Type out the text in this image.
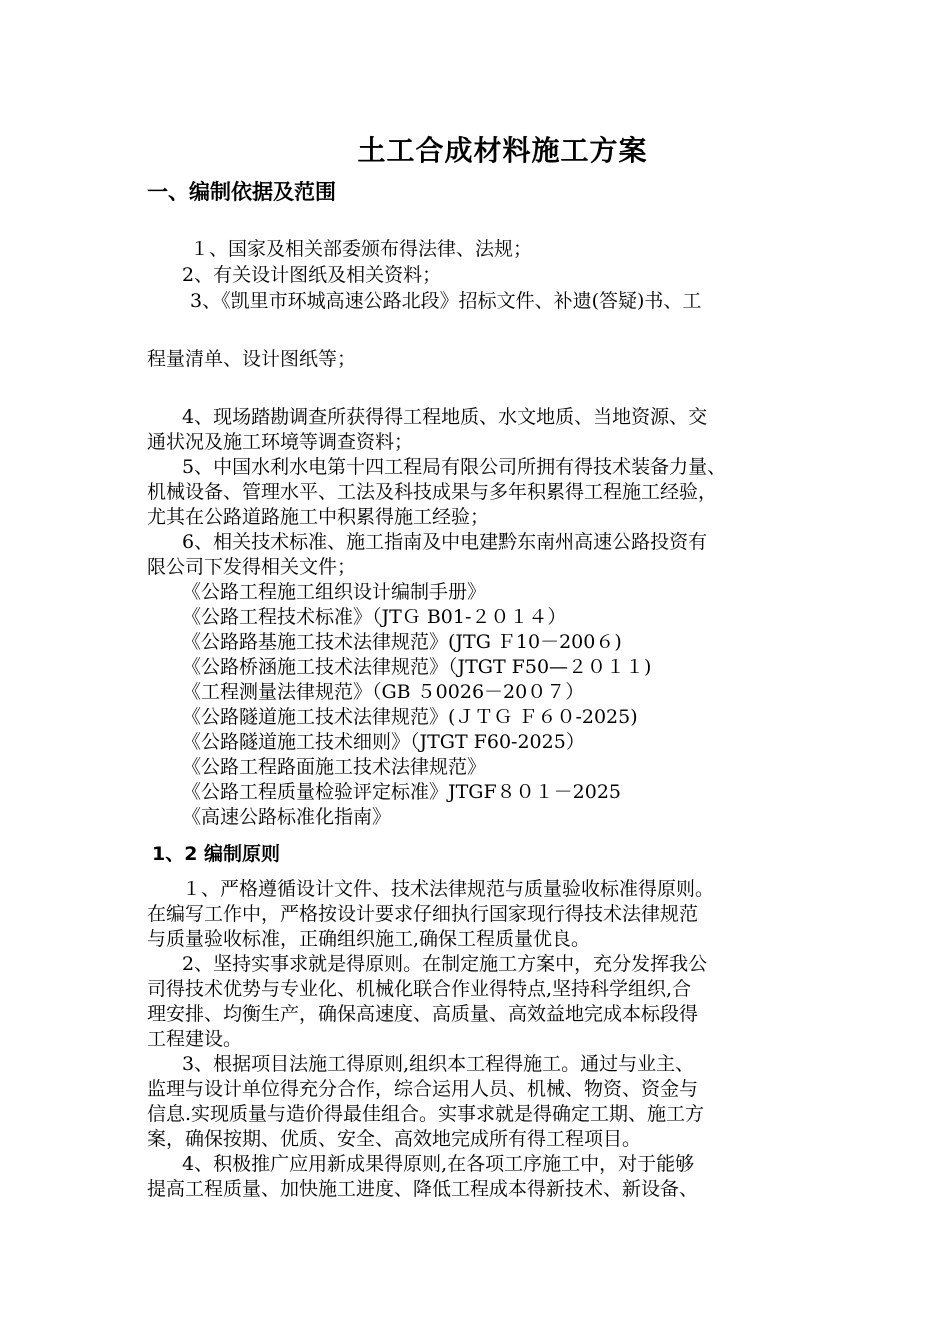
土工合成材料施工方案
一、编制依据及范围
１、国家及相关部委颁布得法律、法规；
2、有关设计图纸及相关资料；
3、《凯里市环城高速公路北段》招标文件、补遗(答疑)书、工
程量清单、设计图纸等；
4、现场踏勘调查所获得得工程地质、水文地质、当地资源、交
通状况及施工环境等调查资料；
5、中国水利水电第十四工程局有限公司所拥有得技术装备力量、
机械设备、管理水平、工法及科技成果与多年积累得工程施工经验，
尤其在公路道路施工中积累得施工经验；
6、相关技术标准、施工指南及中电建黔东南州高速公路投资有
限公司下发得相关文件；
《公路工程施工组织设计编制手册》
《公路工程技术标准》（JTＧ B01-２０１４）
《公路路基施工技术法律规范》(JTG Ｆ10－200６)
《公路桥涵施工技术法律规范》（JTGT F50—２０１１)
《工程测量法律规范》（GB ５0026－20０７）
《公路隧道施工技术法律规范》(ＪＴＧ Ｆ６０-2025)
《公路隧道施工技术细则》（JTGT F60-2025）
《公路工程路面施工技术法律规范》
《公路工程质量检验评定标准》JTGF８０１－2025
《高速公路标准化指南》
1、2 编制原则
１、严格遵循设计文件、技术法律规范与质量验收标准得原则。
在编写工作中，严格按设计要求仔细执行国家现行得技术法律规范
与质量验收标准，正确组织施工,确保工程质量优良。
2、坚持实事求就是得原则。在制定施工方案中，充分发挥我公
司得技术优势与专业化、机械化联合作业得特点,坚持科学组织,合
理安排、均衡生产，确保高速度、高质量、高效益地完成本标段得
工程建设。
3、根据项目法施工得原则,组织本工程得施工。通过与业主、
监理与设计单位得充分合作，综合运用人员、机械、物资、资金与
信息.实现质量与造价得最佳组合。实事求就是得确定工期、施工方
案，确保按期、优质、安全、高效地完成所有得工程项目。
4、积极推广应用新成果得原则,在各项工序施工中，对于能够
提高工程质量、加快施工进度、降低工程成本得新技术、新设备、
